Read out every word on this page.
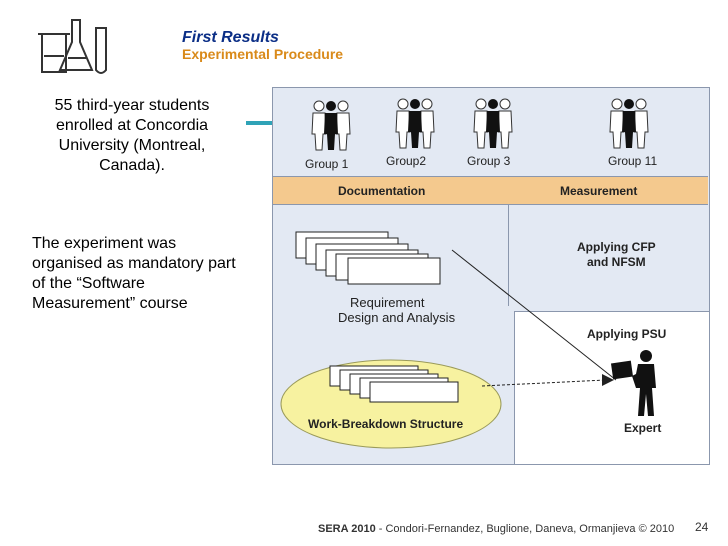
First Results
Experimental Procedure
55 third-year students enrolled at Concordia University (Montreal, Canada).
The experiment was organised as mandatory part of the “Software Measurement” course
Documentation	Measurement
Group 1	Group2	Group 3	Group 11
Requirement
Design and Analysis
Work-Breakdown Structure
Applying CFP
and NFSM
Applying PSU
Expert
SERA 2010 - Condori-Fernandez, Buglione, Daneva, Ormanjieva © 2010 24
